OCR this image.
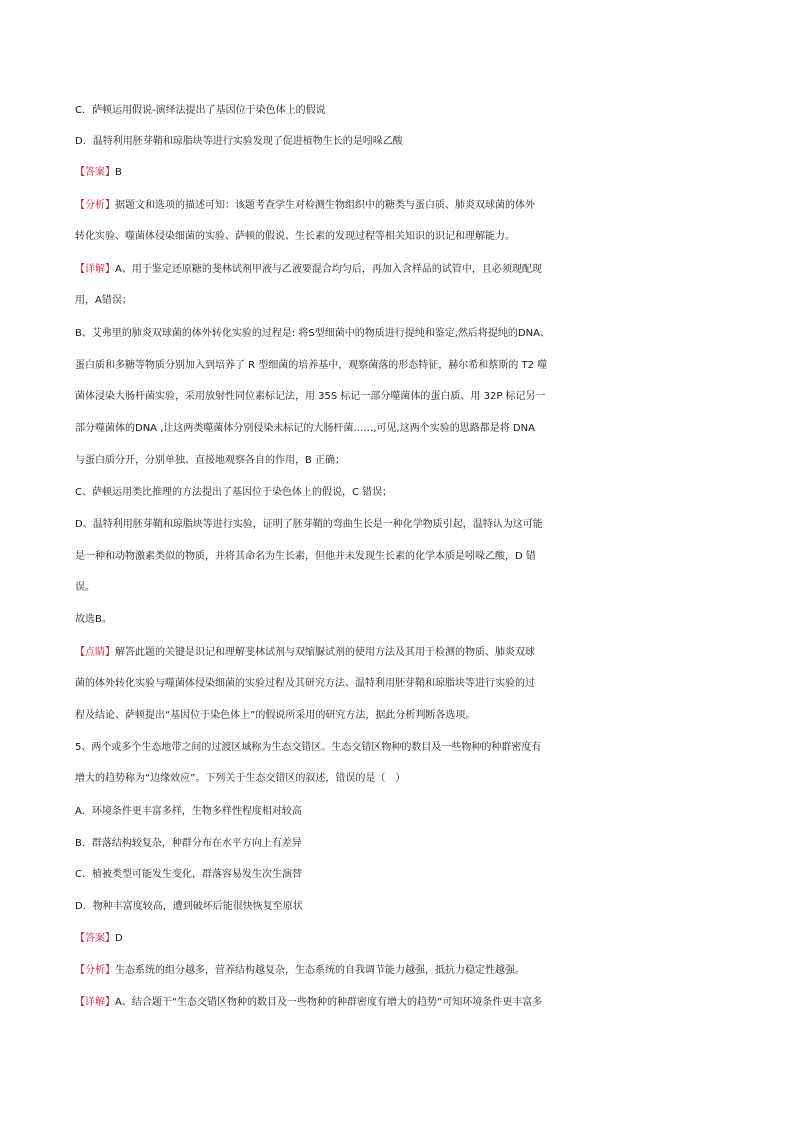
C．萨顿运用假说-演绎法提出了基因位于染色体上的假说
D．温特利用胚芽鞘和琼脂块等进行实验发现了促进植物生长的是吲哚乙酸
【答案】B
【分析】据题文和选项的描述可知：该题考查学生对检测生物组织中的糖类与蛋白质、肺炎双球菌的体外
转化实验、噬菌体侵染细菌的实验、萨顿的假说、生长素的发现过程等相关知识的识记和理解能力。
【详解】A、用于鉴定还原糖的斐林试剂甲液与乙液要混合均匀后，再加入含样品的试管中，且必须现配现
用，A错误；
B、艾弗里的肺炎双球菌的体外转化实验的过程是: 将S型细菌中的物质进行提纯和鉴定,然后将提纯的DNA、
蛋白质和多糖等物质分别加入到培养了 R 型细菌的培养基中，观察菌落的形态特征，赫尔希和蔡斯的 T2 噬
菌体浸染大肠杆菌实验，采用放射性同位素标记法，用 35S 标记一部分噬菌体的蛋白质、用 32P 标记另一
部分噬菌体的DNA ,让这两类噬菌体分别侵染未标记的大肠杆菌……,可见,这两个实验的思路都是将 DNA
与蛋白质分开，分别单独、直接地观察各自的作用，B 正确；
C、萨顿运用类比推理的方法提出了基因位于染色体上的假说，C 错误；
D、温特利用胚芽鞘和琼脂块等进行实验，证明了胚芽鞘的弯曲生长是一种化学物质引起，温特认为这可能
是一种和动物激素类似的物质，并将其命名为生长素，但他并未发现生长素的化学本质是吲哚乙酸，D 错
误。
故选B。
【点睛】解答此题的关键是识记和理解斐林试剂与双缩脲试剂的使用方法及其用于检测的物质、肺炎双球
菌的体外转化实验与噬菌体侵染细菌的实验过程及其研究方法、温特利用胚芽鞘和琼脂块等进行实验的过
程及结论、萨顿提出“基因位于染色体上”的假说所采用的研究方法，据此分析判断各选项。
5、两个或多个生态地带之间的过渡区域称为生态交错区。生态交错区物种的数目及一些物种的种群密度有
增大的趋势称为“边缘效应”。下列关于生态交错区的叙述，错误的是（　）
A．环境条件更丰富多样，生物多样性程度相对较高
B．群落结构较复杂，种群分布在水平方向上有差异
C．植被类型可能发生变化，群落容易发生次生演替
D．物种丰富度较高，遭到破坏后能很快恢复至原状
【答案】D
【分析】生态系统的组分越多，营养结构越复杂，生态系统的自我调节能力越强，抵抗力稳定性越强。
【详解】A、结合题干“生态交错区物种的数目及一些物种的种群密度有增大的趋势”可知环境条件更丰富多
